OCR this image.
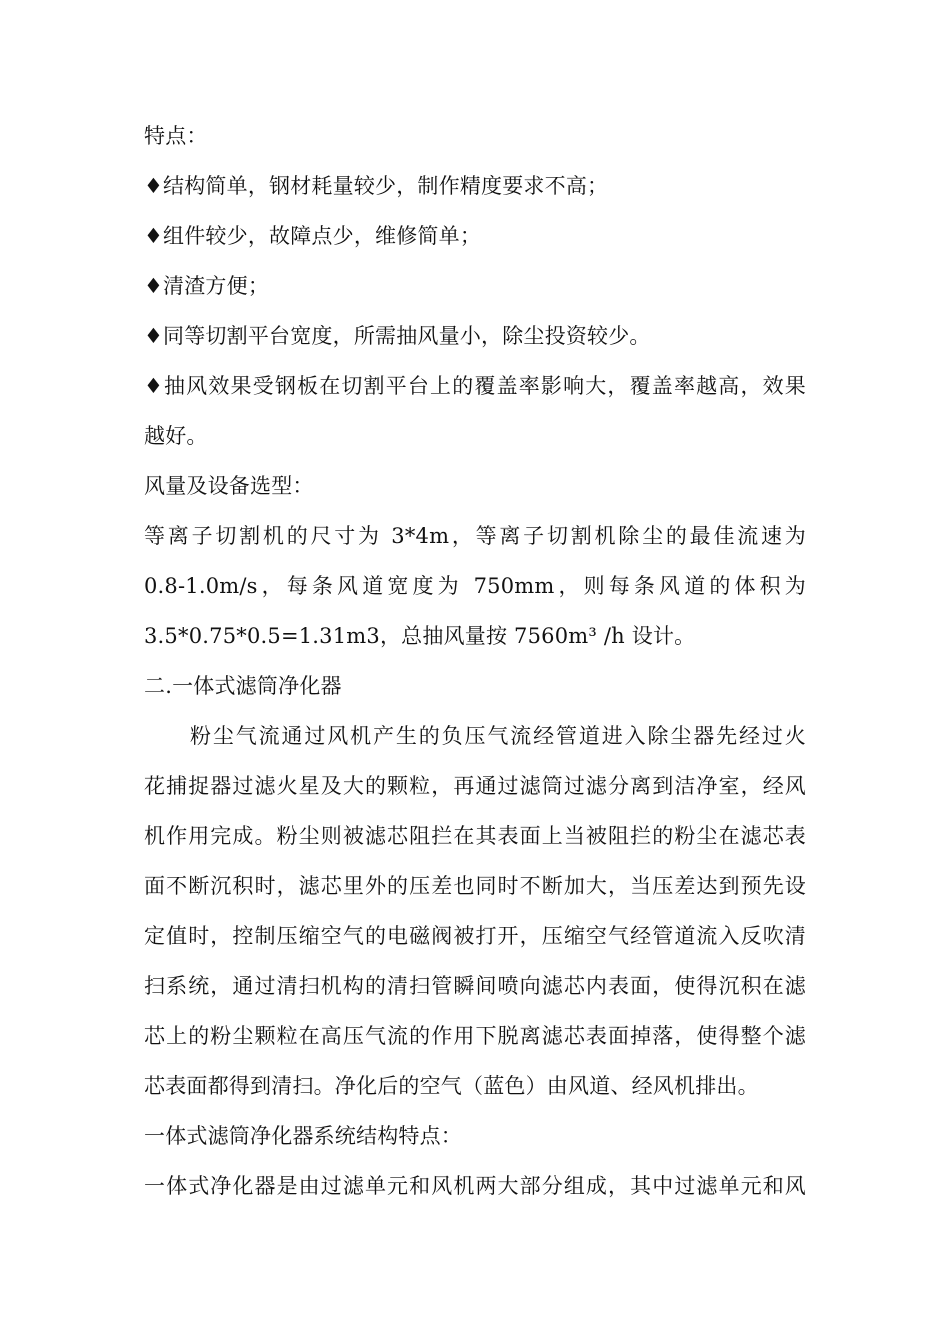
特点：
♦结构简单，钢材耗量较少，制作精度要求不高；
♦组件较少，故障点少，维修简单；
♦清渣方便；
♦同等切割平台宽度，所需抽风量小，除尘投资较少。
♦抽风效果受钢板在切割平台上的覆盖率影响大，覆盖率越高，效果
越好。
风量及设备选型：
等离子切割机的尺寸为 3*4m，等离子切割机除尘的最佳流速为
0.8-1.0m/s，每条风道宽度为 750mm，则每条风道的体积为
3.5*0.75*0.5=1.31m3，总抽风量按 7560m³ /h 设计。
二.一体式滤筒净化器
粉尘气流通过风机产生的负压气流经管道进入除尘器先经过火
花捕捉器过滤火星及大的颗粒，再通过滤筒过滤分离到洁净室，经风
机作用完成。粉尘则被滤芯阻拦在其表面上当被阻拦的粉尘在滤芯表
面不断沉积时，滤芯里外的压差也同时不断加大，当压差达到预先设
定值时，控制压缩空气的电磁阀被打开，压缩空气经管道流入反吹清
扫系统，通过清扫机构的清扫管瞬间喷向滤芯内表面，使得沉积在滤
芯上的粉尘颗粒在高压气流的作用下脱离滤芯表面掉落，使得整个滤
芯表面都得到清扫。净化后的空气（蓝色）由风道、经风机排出。
一体式滤筒净化器系统结构特点：
一体式净化器是由过滤单元和风机两大部分组成，其中过滤单元和风
